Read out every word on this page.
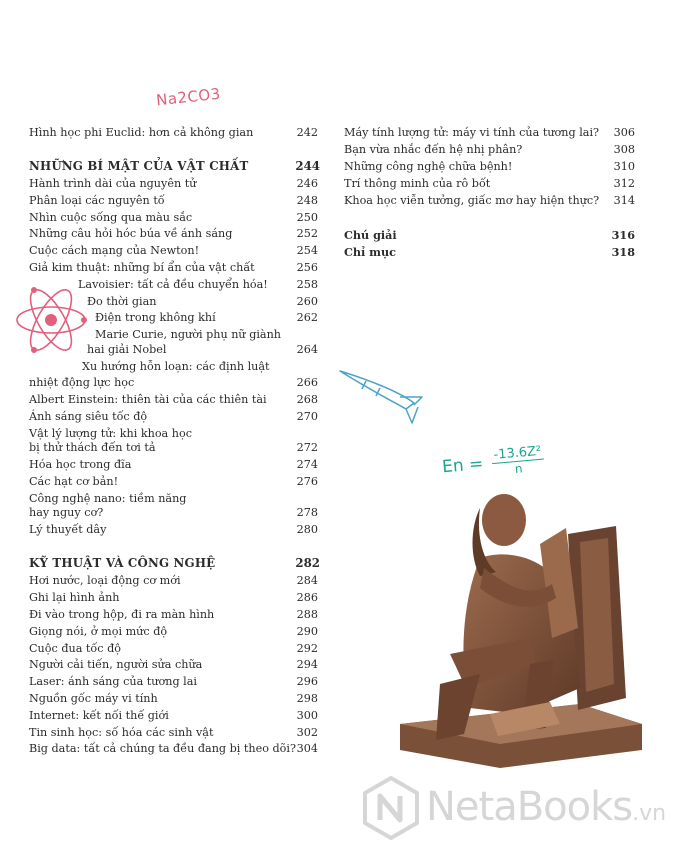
Na2CO3
$En = \frac{\text{-13.6Z²}}{n}$
Hình học phi Euclid: hơn cả không gian	242
NHỮNG BÍ MẬT CỦA VẬT CHẤT	244
Hành trình dài của nguyên tử	246
Phân loại các nguyên tố	248
Nhìn cuộc sống qua màu sắc	250
Những câu hỏi hóc búa về ánh sáng	252
Cuộc cách mạng của Newton!	254
Giả kim thuật: những bí ẩn của vật chất	256
Lavoisier: tất cả đều chuyển hóa!	258
Đo thời gian	260
Điện trong không khí	262
Marie Curie, người phụ nữ giành
hai giải Nobel	264
Xu hướng hỗn loạn: các định luật
nhiệt động lực học	266
Albert Einstein: thiên tài của các thiên tài	268
Ánh sáng siêu tốc độ	270
Vật lý lượng tử: khi khoa học
bị thử thách đến tơi tả	272
Hóa học trong đĩa	274
Các hạt cơ bản!	276
Công nghệ nano: tiềm năng
hay nguy cơ?	278
Lý thuyết dây	280
KỸ THUẬT VÀ CÔNG NGHỆ	282
Hơi nước, loại động cơ mới	284
Ghi lại hình ảnh	286
Đi vào trong hộp, đi ra màn hình	288
Giọng nói, ở mọi mức độ	290
Cuộc đua tốc độ	292
Người cải tiến, người sửa chữa	294
Laser: ánh sáng của tương lai	296
Nguồn gốc máy vi tính	298
Internet: kết nối thế giới	300
Tin sinh học: số hóa các sinh vật	302
Big data: tất cả chúng ta đều đang bị theo dõi? 304
Máy tính lượng tử: máy vi tính của tương lai?	306
Bạn vừa nhắc đến hệ nhị phân?	308
Những công nghệ chữa bệnh!	310
Trí thông minh của rô bốt	312
Khoa học viễn tưởng, giấc mơ hay hiện thực?	314
Chú giải	316
Chỉ mục	318
NetaBooks.vn
